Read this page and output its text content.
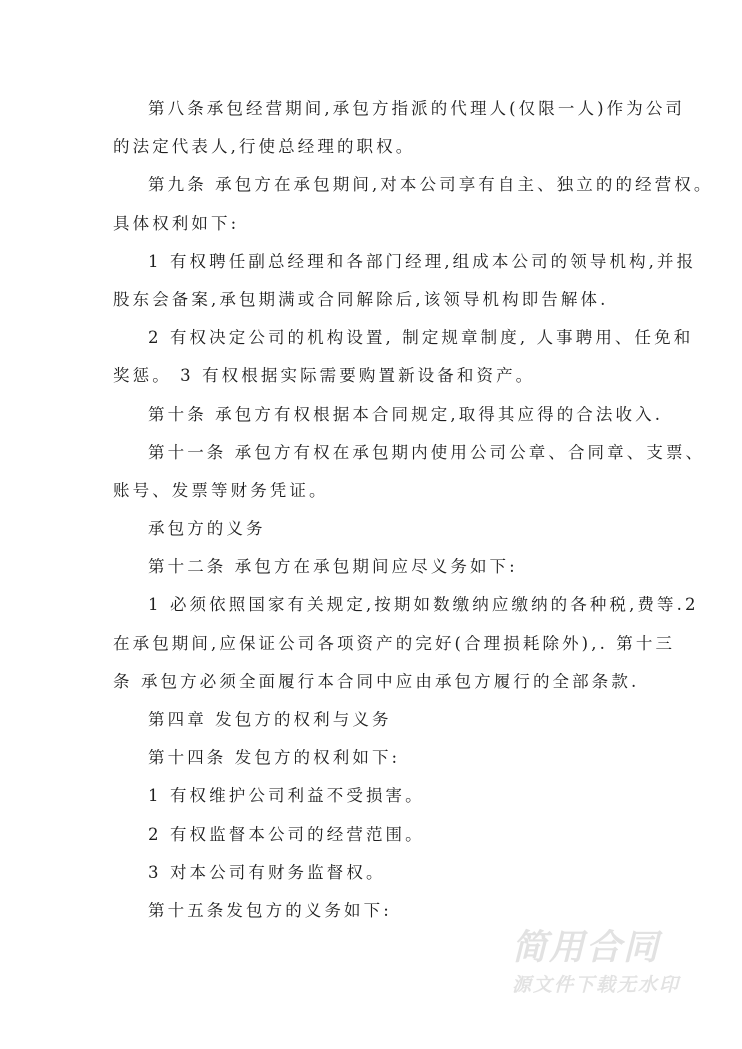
第八条承包经营期间,承包方指派的代理人(仅限一人)作为公司
的法定代表人,行使总经理的职权。
第九条 承包方在承包期间,对本公司享有自主、独立的的经营权。
具体权利如下:
1 有权聘任副总经理和各部门经理,组成本公司的领导机构,并报
股东会备案,承包期满或合同解除后,该领导机构即告解体.
2 有权决定公司的机构设置, 制定规章制度, 人事聘用、任免和
奖惩。 3 有权根据实际需要购置新设备和资产。
第十条 承包方有权根据本合同规定,取得其应得的合法收入.
第十一条 承包方有权在承包期内使用公司公章、合同章、支票、
账号、发票等财务凭证。
承包方的义务
第十二条 承包方在承包期间应尽义务如下:
1 必须依照国家有关规定,按期如数缴纳应缴纳的各种税,费等.2
在承包期间,应保证公司各项资产的完好(合理损耗除外),. 第十三
条 承包方必须全面履行本合同中应由承包方履行的全部条款.
第四章 发包方的权利与义务
第十四条 发包方的权利如下:
1 有权维护公司利益不受损害。
2 有权监督本公司的经营范围。
3 对本公司有财务监督权。
第十五条发包方的义务如下:
简用合同
源文件下载无水印
